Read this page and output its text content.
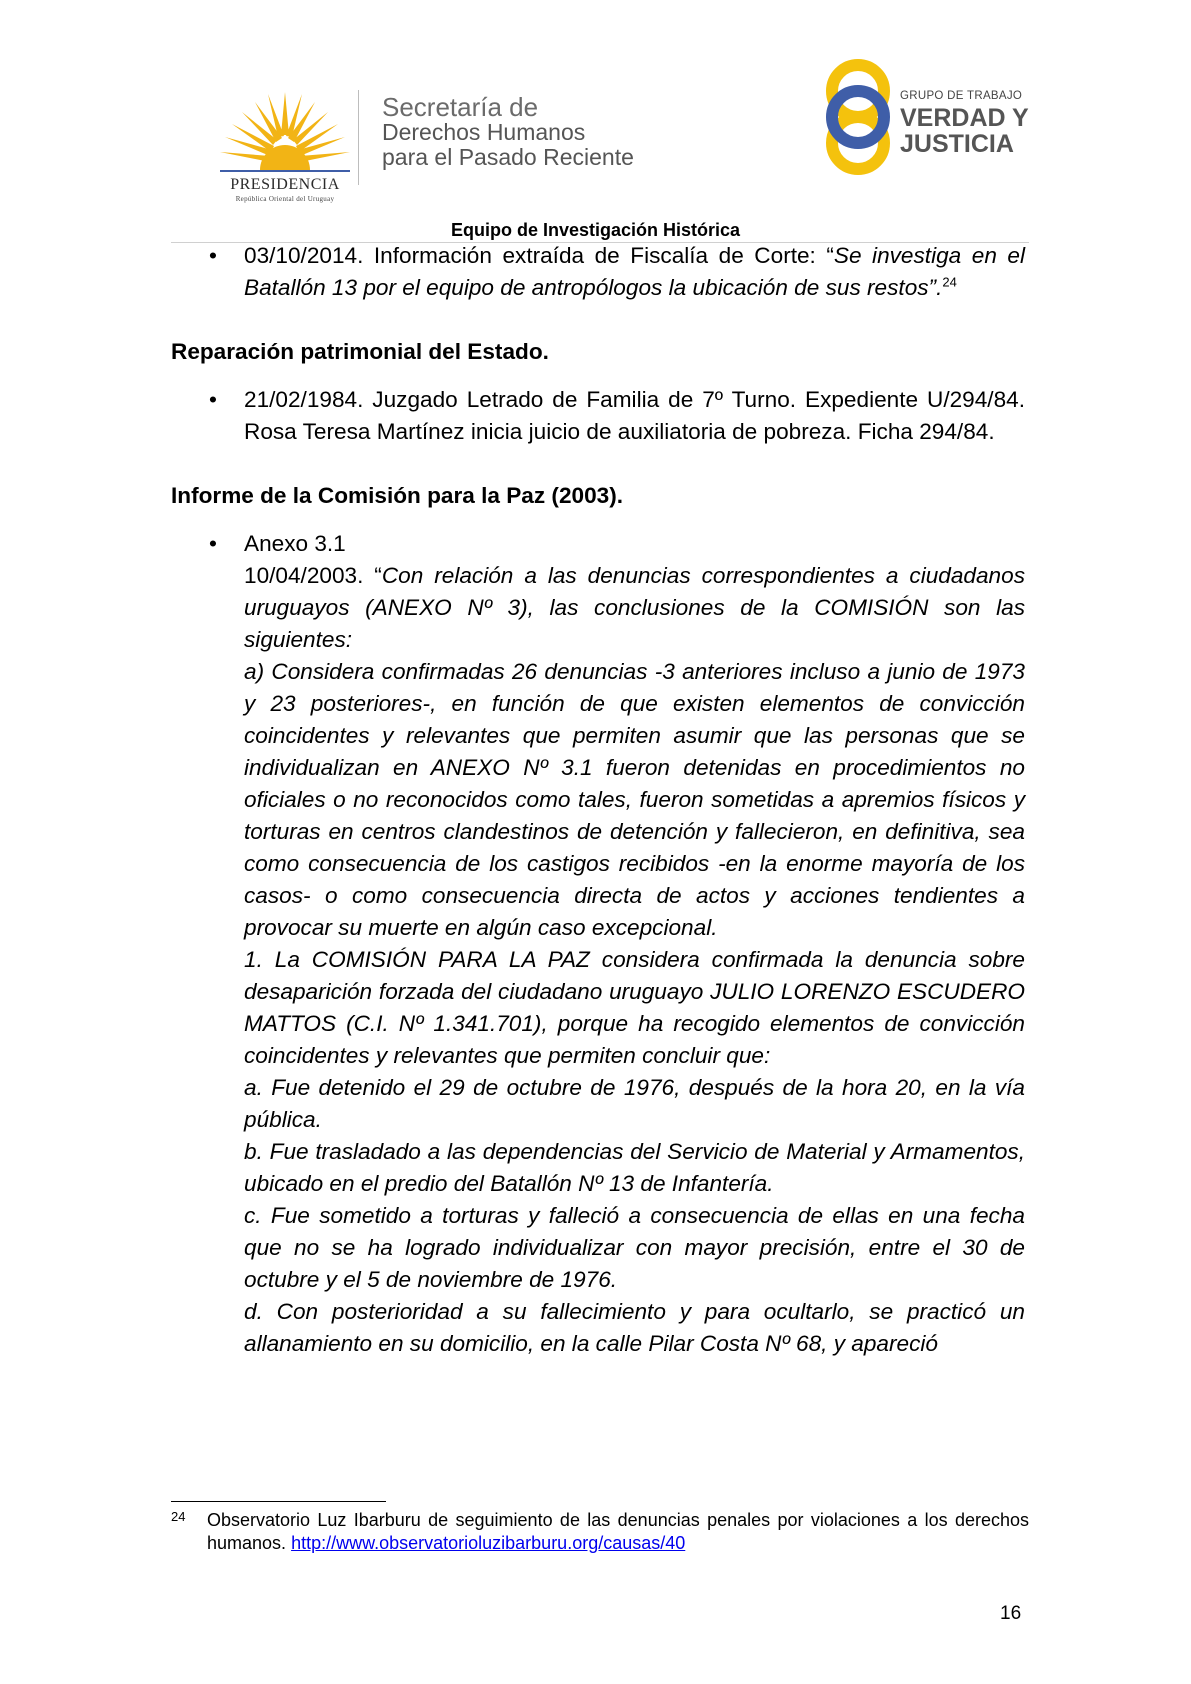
PRESIDENCIA
República Oriental del Uruguay
Secretaría de
Derechos Humanos
para el Pasado Reciente
GRUPO DE TRABAJO
VERDAD Y
JUSTICIA
Equipo de Investigación Histórica
• 03/10/2014. Información extraída de Fiscalía de Corte: “Se investiga en el Batallón 13 por el equipo de antropólogos la ubicación de sus restos”.$^{24}$

Reparación patrimonial del Estado.

• 21/02/1984. Juzgado Letrado de Familia de 7º Turno. Expediente U/294/84. Rosa Teresa Martínez inicia juicio de auxiliatoria de pobreza. Ficha 294/84.

Informe de la Comisión para la Paz (2003).

• Anexo 3.1

10/04/2003. “Con relación a las denuncias correspondientes a ciudadanos uruguayos (ANEXO Nº 3), las conclusiones de la COMISIÓN son las siguientes:

a) Considera confirmadas 26 denuncias -3 anteriores incluso a junio de 1973 y 23 posteriores-, en función de que existen elementos de convicción coincidentes y relevantes que permiten asumir que las personas que se individualizan en ANEXO Nº 3.1 fueron detenidas en procedimientos no oficiales o no reconocidos como tales, fueron sometidas a apremios físicos y torturas en centros clandestinos de detención y fallecieron, en definitiva, sea como consecuencia de los castigos recibidos -en la enorme mayoría de los casos- o como consecuencia directa de actos y acciones tendientes a provocar su muerte en algún caso excepcional.

1. La COMISIÓN PARA LA PAZ considera confirmada la denuncia sobre desaparición forzada del ciudadano uruguayo JULIO LORENZO ESCUDERO MATTOS (C.I. Nº 1.341.701), porque ha recogido elementos de convicción coincidentes y relevantes que permiten concluir que:

a. Fue detenido el 29 de octubre de 1976, después de la hora 20, en la vía pública.

b. Fue trasladado a las dependencias del Servicio de Material y Armamentos, ubicado en el predio del Batallón Nº 13 de Infantería.

c. Fue sometido a torturas y falleció a consecuencia de ellas en una fecha que no se ha logrado individualizar con mayor precisión, entre el 30 de octubre y el 5 de noviembre de 1976.

d. Con posterioridad a su fallecimiento y para ocultarlo, se practicó un allanamiento en su domicilio, en la calle Pilar Costa Nº 68, y apareció

24 Observatorio Luz Ibarburu de seguimiento de las denuncias penales por violaciones a los derechos humanos. http://www.observatorioluzibarburu.org/causas/40
16
